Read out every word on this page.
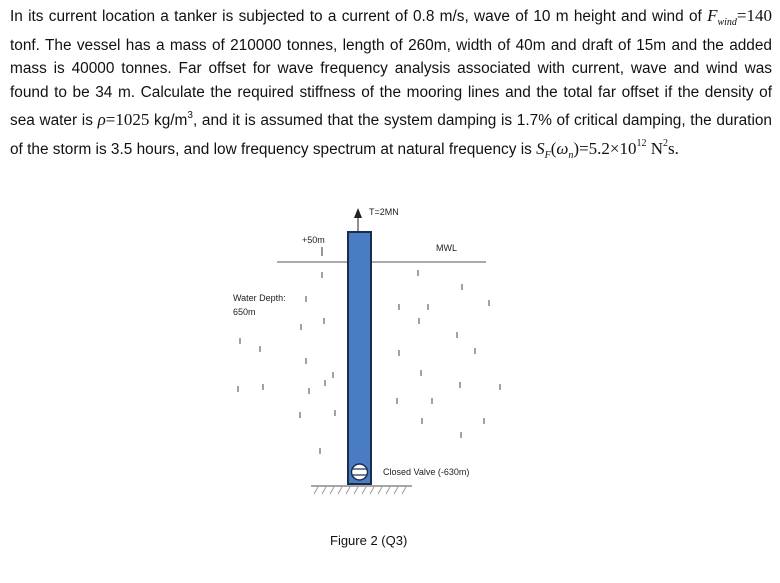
In its current location a tanker is subjected to a current of 0.8 m/s, wave of 10 m height and wind of $F_{wind}=140$ tonf. The vessel has a mass of 210000 tonnes, length of 260m, width of 40m and draft of 15m and the added mass is 40000 tonnes. Far offset for wave frequency analysis associated with current, wave and wind was found to be 34 m. Calculate the required stiffness of the mooring lines and the total far offset if the density of sea water is ρ=1025 $kg/m^3$, and it is assumed that the system damping is 1.7% of critical damping, the duration of the storm is 3.5 hours, and low frequency spectrum at natural frequency is $S_F(\omega_n)=5.2\times 10^{12}$ $N^2s$.

T=2MN
+50m
MWL
Water Depth:
650m
Closed Valve (-630m)
Figure 2 (Q3)
